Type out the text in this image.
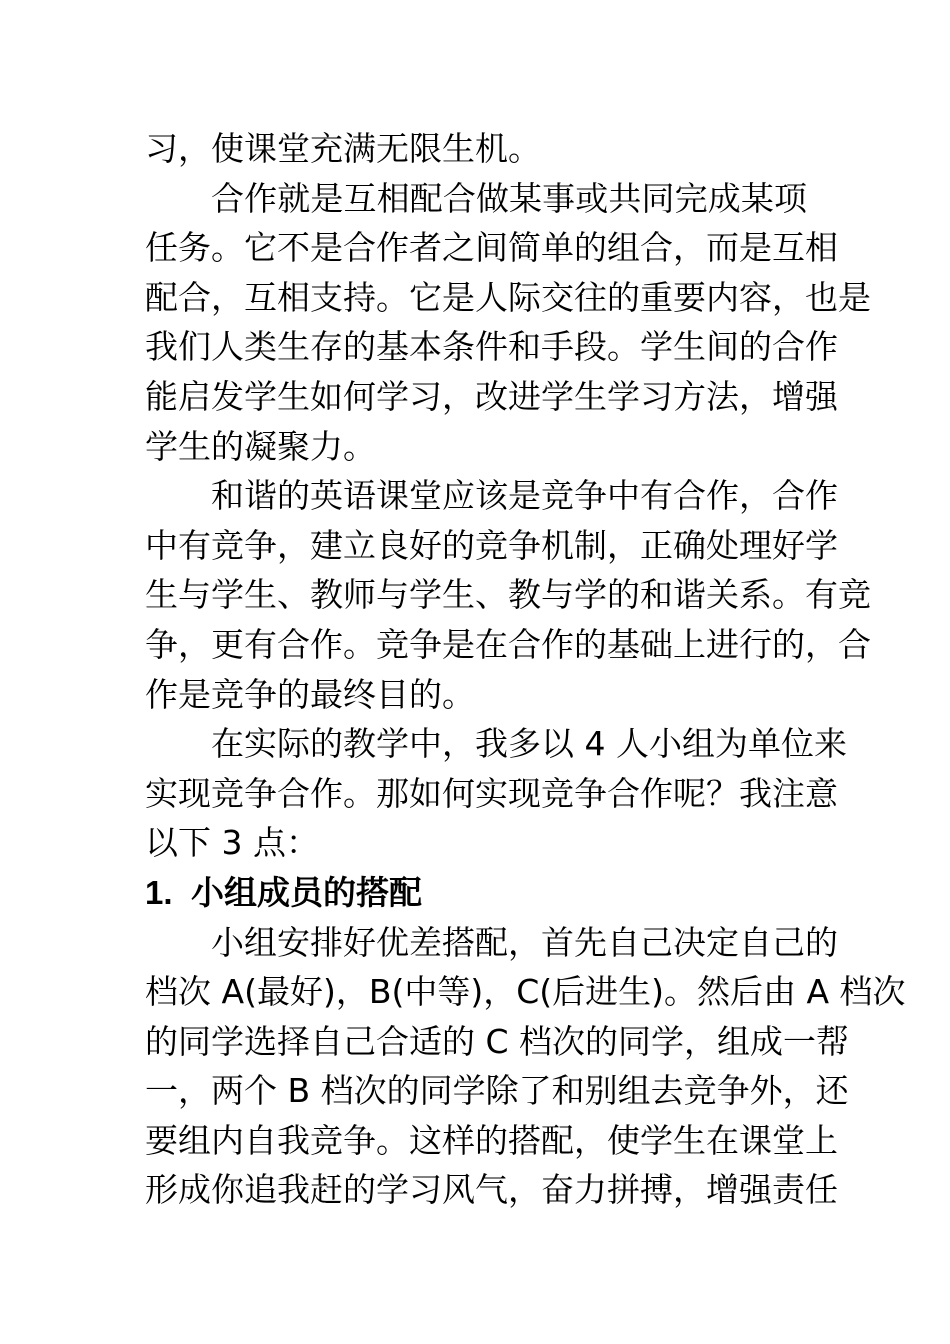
习，使课堂充满无限生机。
合作就是互相配合做某事或共同完成某项
任务。它不是合作者之间简单的组合，而是互相
配合，互相支持。它是人际交往的重要内容，也是
我们人类生存的基本条件和手段。学生间的合作
能启发学生如何学习，改进学生学习方法，增强
学生的凝聚力。
和谐的英语课堂应该是竞争中有合作，合作
中有竞争，建立良好的竞争机制，正确处理好学
生与学生、教师与学生、教与学的和谐关系。有竞
争，更有合作。竞争是在合作的基础上进行的，合
作是竞争的最终目的。
在实际的教学中，我多以 4 人小组为单位来
实现竞争合作。那如何实现竞争合作呢？我注意
以下 3 点：
1. 小组成员的搭配
小组安排好优差搭配，首先自己决定自己的
档次 A(最好)，B(中等)，C(后进生)。然后由 A 档次
的同学选择自己合适的 C 档次的同学，组成一帮
一，两个 B 档次的同学除了和别组去竞争外，还
要组内自我竞争。这样的搭配，使学生在课堂上
形成你追我赶的学习风气，奋力拼搏，增强责任
